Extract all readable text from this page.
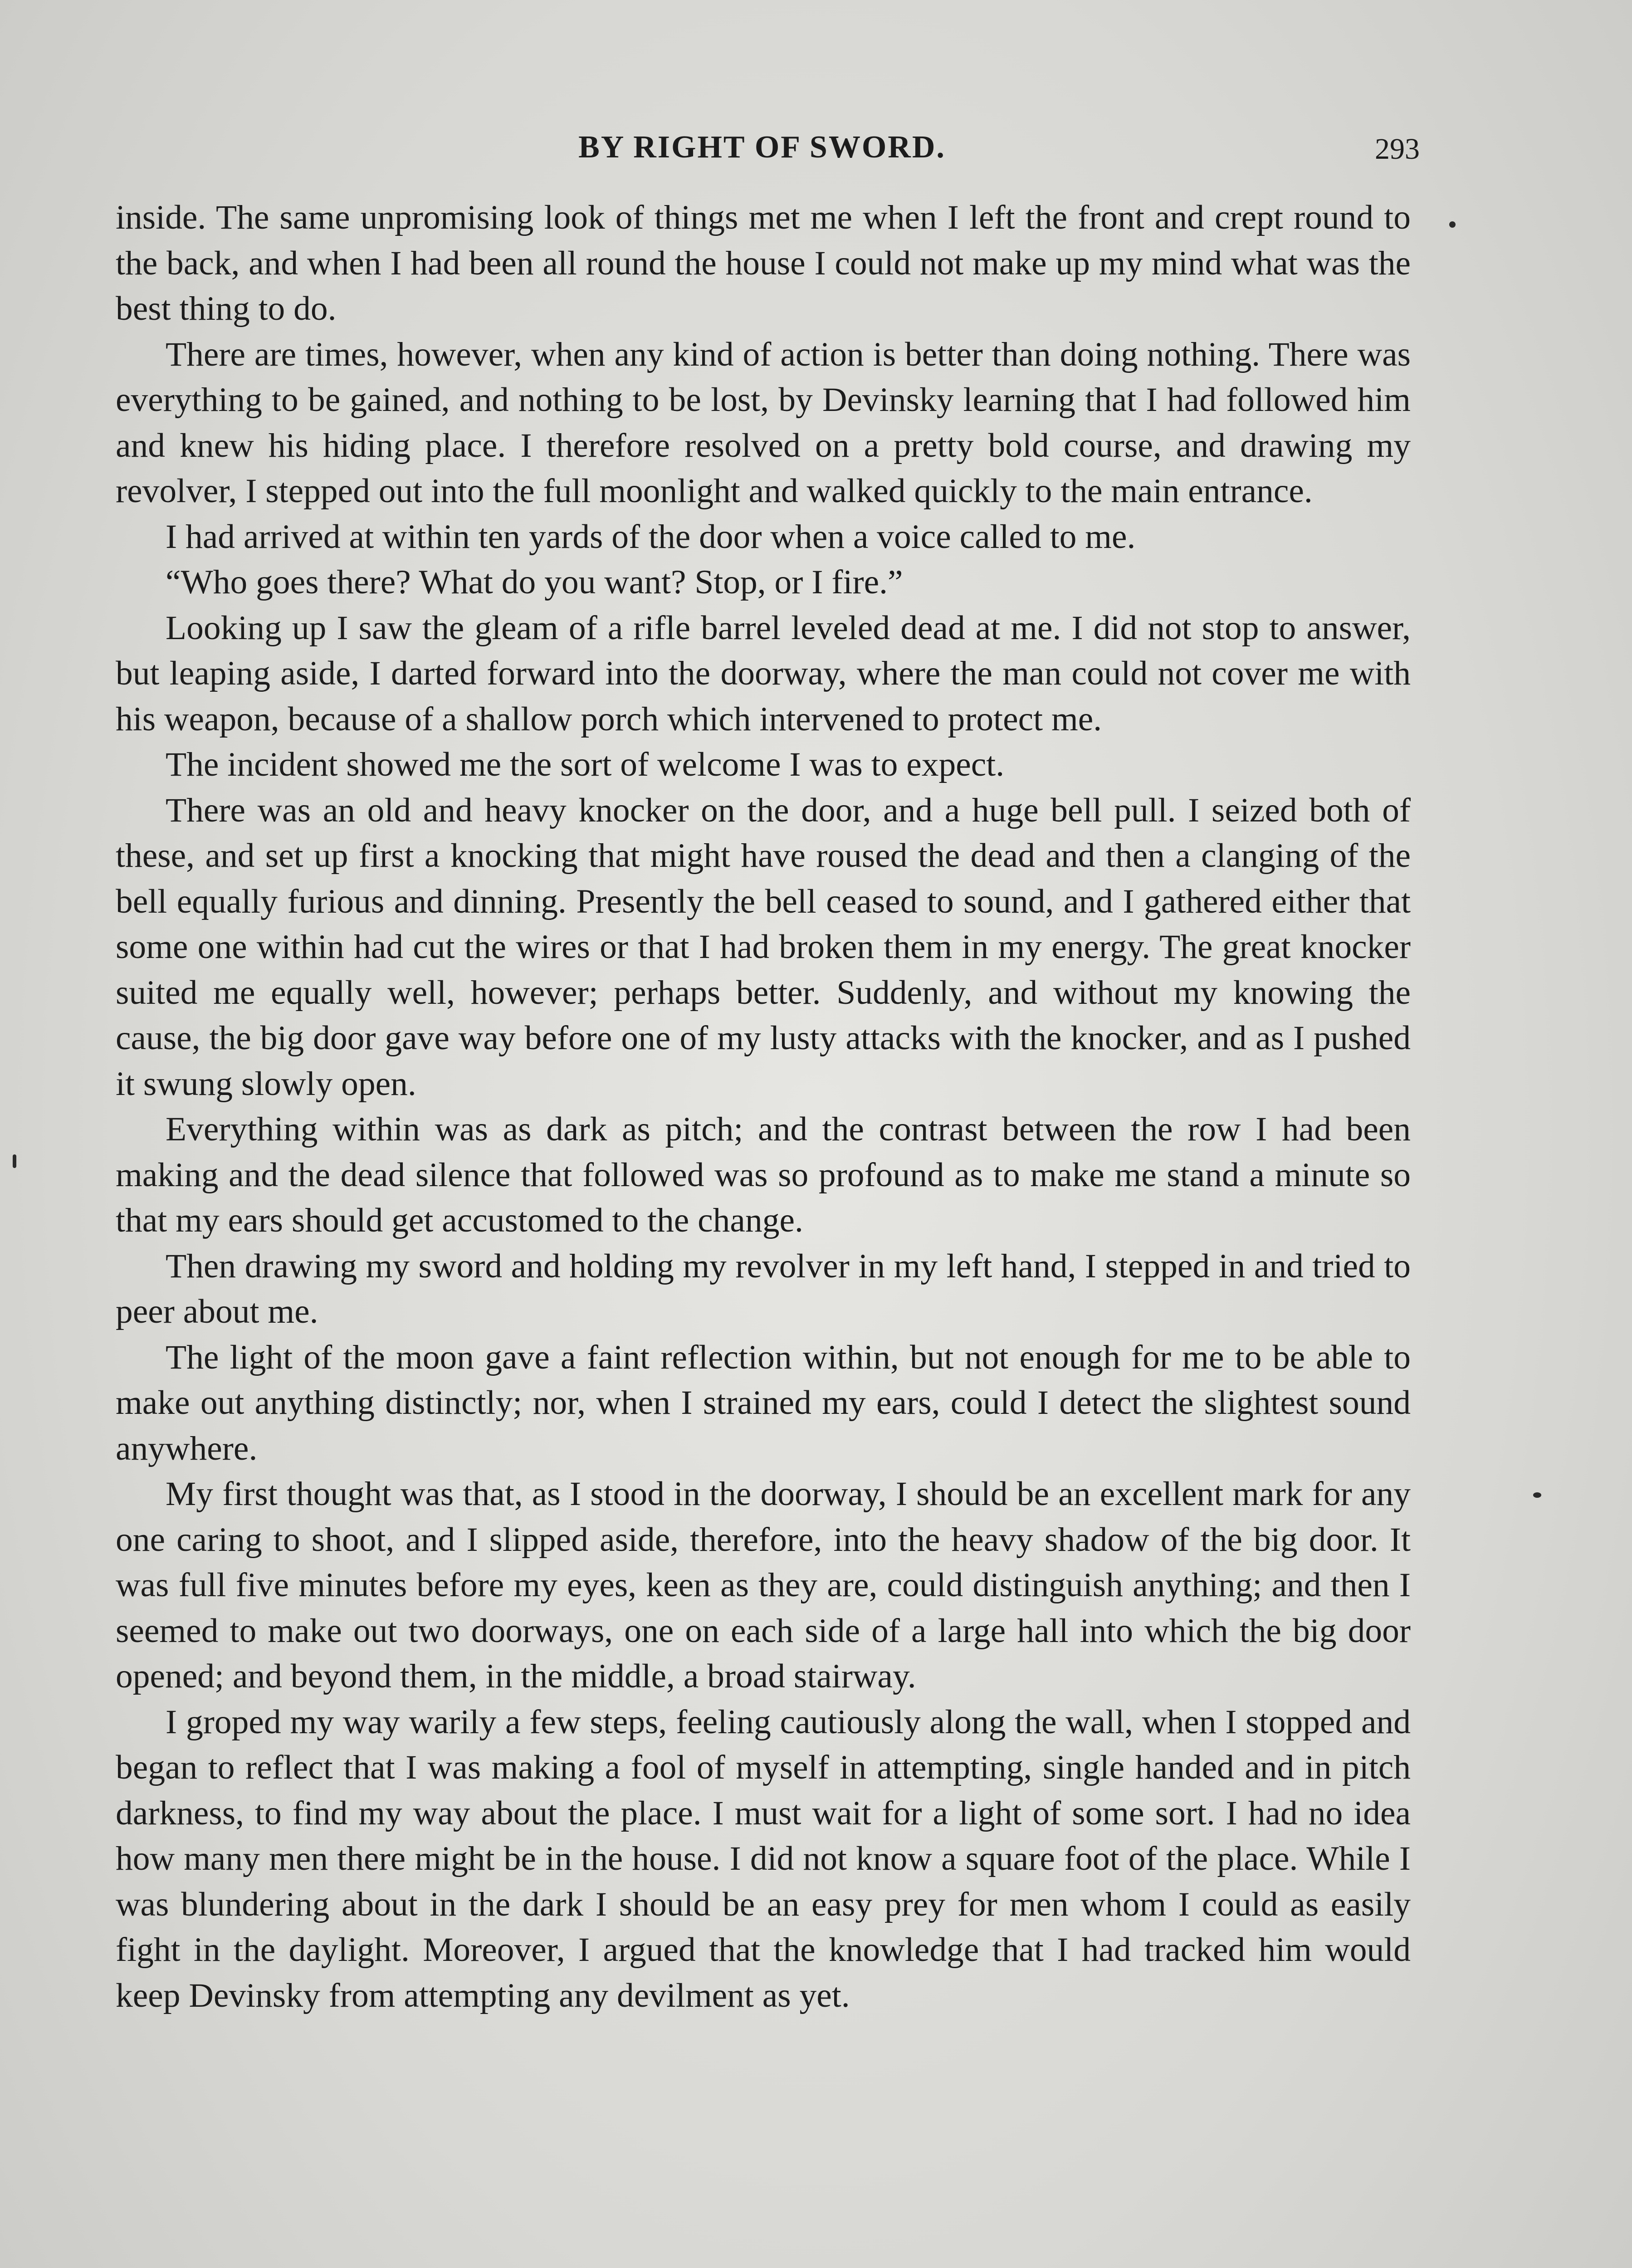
BY RIGHT OF SWORD.	293

inside. The same unpromising look of things met me when I left the front and crept round to the back, and when I had been all round the house I could not make up my mind what was the best thing to do.

There are times, however, when any kind of action is better than doing nothing. There was everything to be gained, and nothing to be lost, by Devinsky learning that I had followed him and knew his hiding place. I therefore resolved on a pretty bold course, and drawing my revolver, I stepped out into the full moonlight and walked quickly to the main entrance.

I had arrived at within ten yards of the door when a voice called to me.

“Who goes there? What do you want? Stop, or I fire.”

Looking up I saw the gleam of a rifle barrel leveled dead at me. I did not stop to answer, but leaping aside, I darted forward into the doorway, where the man could not cover me with his weapon, because of a shallow porch which intervened to protect me.

The incident showed me the sort of welcome I was to expect.

There was an old and heavy knocker on the door, and a huge bell pull. I seized both of these, and set up first a knocking that might have roused the dead and then a clanging of the bell equally furious and dinning. Presently the bell ceased to sound, and I gathered either that some one within had cut the wires or that I had broken them in my energy. The great knocker suited me equally well, however; perhaps better. Suddenly, and without my knowing the cause, the big door gave way before one of my lusty attacks with the knocker, and as I pushed it swung slowly open.

Everything within was as dark as pitch; and the contrast between the row I had been making and the dead silence that followed was so profound as to make me stand a minute so that my ears should get accustomed to the change.

Then drawing my sword and holding my revolver in my left hand, I stepped in and tried to peer about me.

The light of the moon gave a faint reflection within, but not enough for me to be able to make out anything distinctly; nor, when I strained my ears, could I detect the slightest sound anywhere.

My first thought was that, as I stood in the doorway, I should be an excellent mark for any one caring to shoot, and I slipped aside, therefore, into the heavy shadow of the big door. It was full five minutes before my eyes, keen as they are, could distinguish anything; and then I seemed to make out two doorways, one on each side of a large hall into which the big door opened; and beyond them, in the middle, a broad stairway.

I groped my way warily a few steps, feeling cautiously along the wall, when I stopped and began to reflect that I was making a fool of myself in attempting, single handed and in pitch darkness, to find my way about the place. I must wait for a light of some sort. I had no idea how many men there might be in the house. I did not know a square foot of the place. While I was blundering about in the dark I should be an easy prey for men whom I could as easily fight in the daylight. Moreover, I argued that the knowledge that I had tracked him would keep Devinsky from attempting any devilment as yet.
